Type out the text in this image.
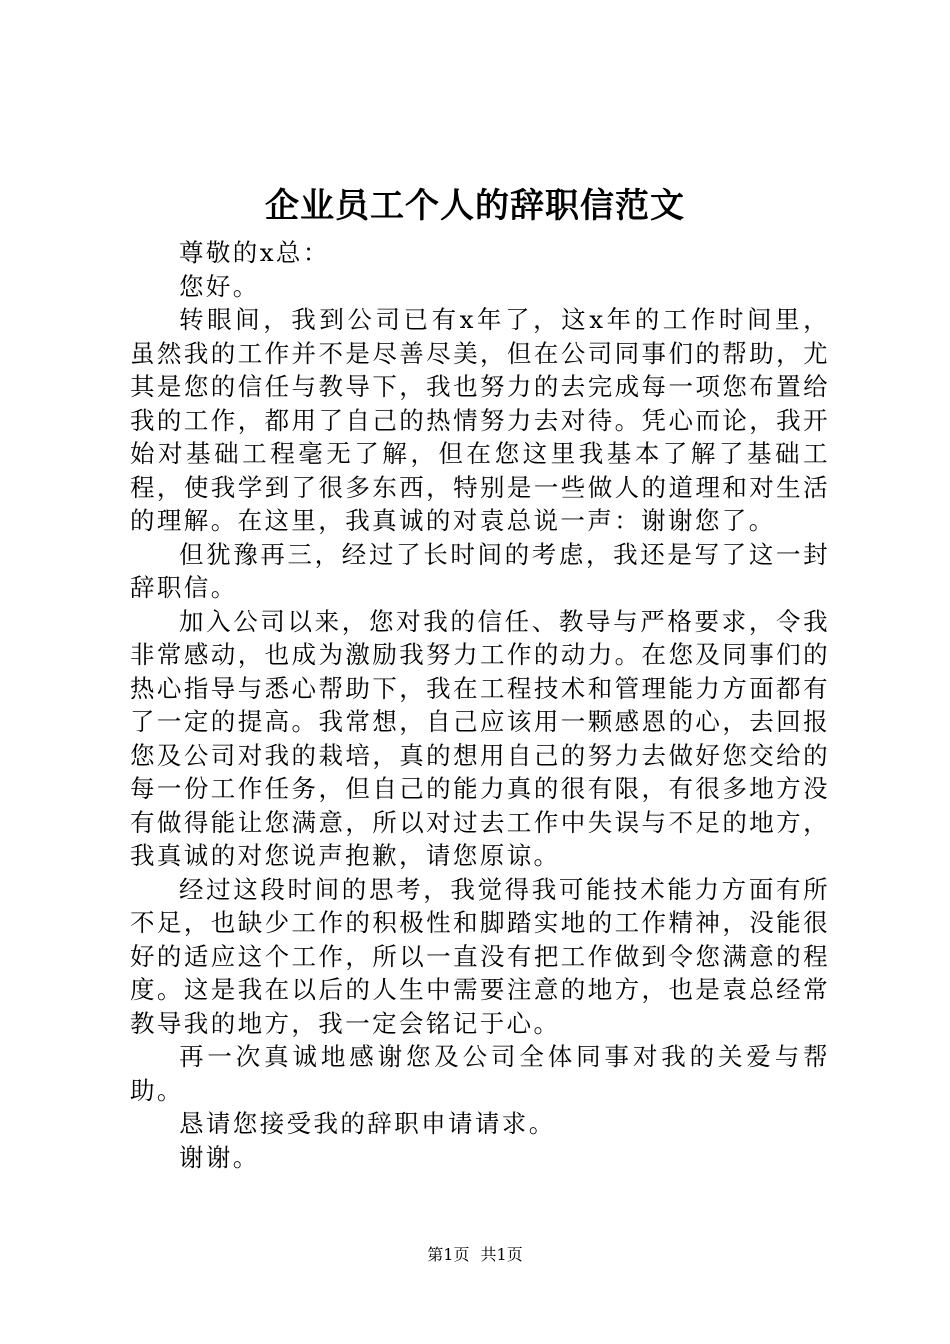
企业员工个人的辞职信范文

尊敬的x总：

您好。

转眼间，我到公司已有x年了，这x年的工作时间里，虽然我的工作并不是尽善尽美，但在公司同事们的帮助，尤其是您的信任与教导下，我也努力的去完成每一项您布置给我的工作，都用了自己的热情努力去对待。凭心而论，我开始对基础工程毫无了解，但在您这里我基本了解了基础工程，使我学到了很多东西，特别是一些做人的道理和对生活的理解。在这里，我真诚的对袁总说一声：谢谢您了。

但犹豫再三，经过了长时间的考虑，我还是写了这一封辞职信。

加入公司以来，您对我的信任、教导与严格要求，令我非常感动，也成为激励我努力工作的动力。在您及同事们的热心指导与悉心帮助下，我在工程技术和管理能力方面都有了一定的提高。我常想，自己应该用一颗感恩的心，去回报您及公司对我的栽培，真的想用自己的努力去做好您交给的每一份工作任务，但自己的能力真的很有限，有很多地方没有做得能让您满意，所以对过去工作中失误与不足的地方，我真诚的对您说声抱歉，请您原谅。

经过这段时间的思考，我觉得我可能技术能力方面有所不足，也缺少工作的积极性和脚踏实地的工作精神，没能很好的适应这个工作，所以一直没有把工作做到令您满意的程度。这是我在以后的人生中需要注意的地方，也是袁总经常教导我的地方，我一定会铭记于心。

再一次真诚地感谢您及公司全体同事对我的关爱与帮助。

恳请您接受我的辞职申请请求。

谢谢。

第1页 共1页
